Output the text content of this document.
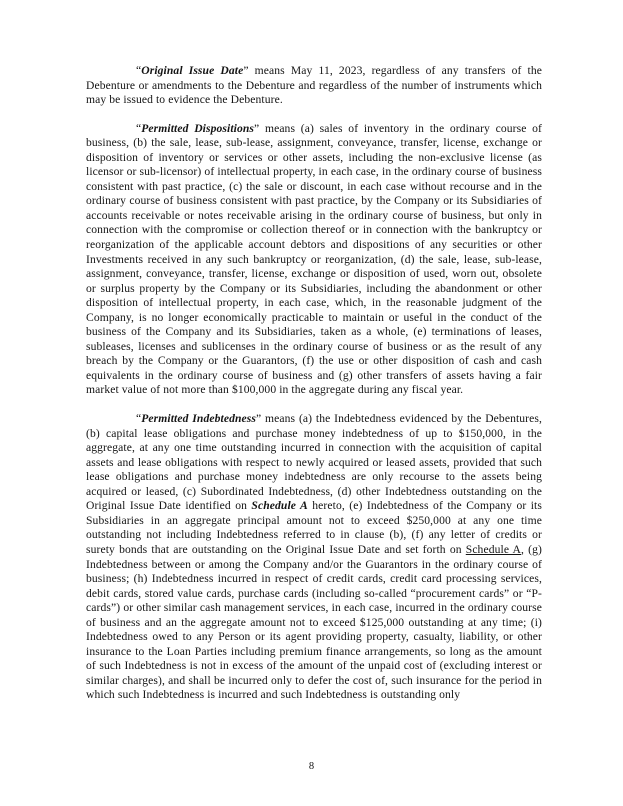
“Original Issue Date” means May 11, 2023, regardless of any transfers of the Debenture or amendments to the Debenture and regardless of the number of instruments which may be issued to evidence the Debenture.

“Permitted Dispositions” means (a) sales of inventory in the ordinary course of business, (b) the sale, lease, sub-lease, assignment, conveyance, transfer, license, exchange or disposition of inventory or services or other assets, including the non-exclusive license (as licensor or sub-licensor) of intellectual property, in each case, in the ordinary course of business consistent with past practice, (c) the sale or discount, in each case without recourse and in the ordinary course of business consistent with past practice, by the Company or its Subsidiaries of accounts receivable or notes receivable arising in the ordinary course of business, but only in connection with the compromise or collection thereof or in connection with the bankruptcy or reorganization of the applicable account debtors and dispositions of any securities or other Investments received in any such bankruptcy or reorganization, (d) the sale, lease, sub-lease, assignment, conveyance, transfer, license, exchange or disposition of used, worn out, obsolete or surplus property by the Company or its Subsidiaries, including the abandonment or other disposition of intellectual property, in each case, which, in the reasonable judgment of the Company, is no longer economically practicable to maintain or useful in the conduct of the business of the Company and its Subsidiaries, taken as a whole, (e) terminations of leases, subleases, licenses and sublicenses in the ordinary course of business or as the result of any breach by the Company or the Guarantors, (f) the use or other disposition of cash and cash equivalents in the ordinary course of business and (g) other transfers of assets having a fair market value of not more than $100,000 in the aggregate during any fiscal year.

“Permitted Indebtedness” means (a) the Indebtedness evidenced by the Debentures, (b) capital lease obligations and purchase money indebtedness of up to $150,000, in the aggregate, at any one time outstanding incurred in connection with the acquisition of capital assets and lease obligations with respect to newly acquired or leased assets, provided that such lease obligations and purchase money indebtedness are only recourse to the assets being acquired or leased, (c) Subordinated Indebtedness, (d) other Indebtedness outstanding on the Original Issue Date identified on Schedule A hereto, (e) Indebtedness of the Company or its Subsidiaries in an aggregate principal amount not to exceed $250,000 at any one time outstanding not including Indebtedness referred to in clause (b), (f) any letter of credits or surety bonds that are outstanding on the Original Issue Date and set forth on Schedule A, (g) Indebtedness between or among the Company and/or the Guarantors in the ordinary course of business; (h) Indebtedness incurred in respect of credit cards, credit card processing services, debit cards, stored value cards, purchase cards (including so-called “procurement cards” or “P-cards”) or other similar cash management services, in each case, incurred in the ordinary course of business and an the aggregate amount not to exceed $125,000 outstanding at any time; (i) Indebtedness owed to any Person or its agent providing property, casualty, liability, or other insurance to the Loan Parties including premium finance arrangements, so long as the amount of such Indebtedness is not in excess of the amount of the unpaid cost of (excluding interest or similar charges), and shall be incurred only to defer the cost of, such insurance for the period in which such Indebtedness is incurred and such Indebtedness is outstanding only

8
